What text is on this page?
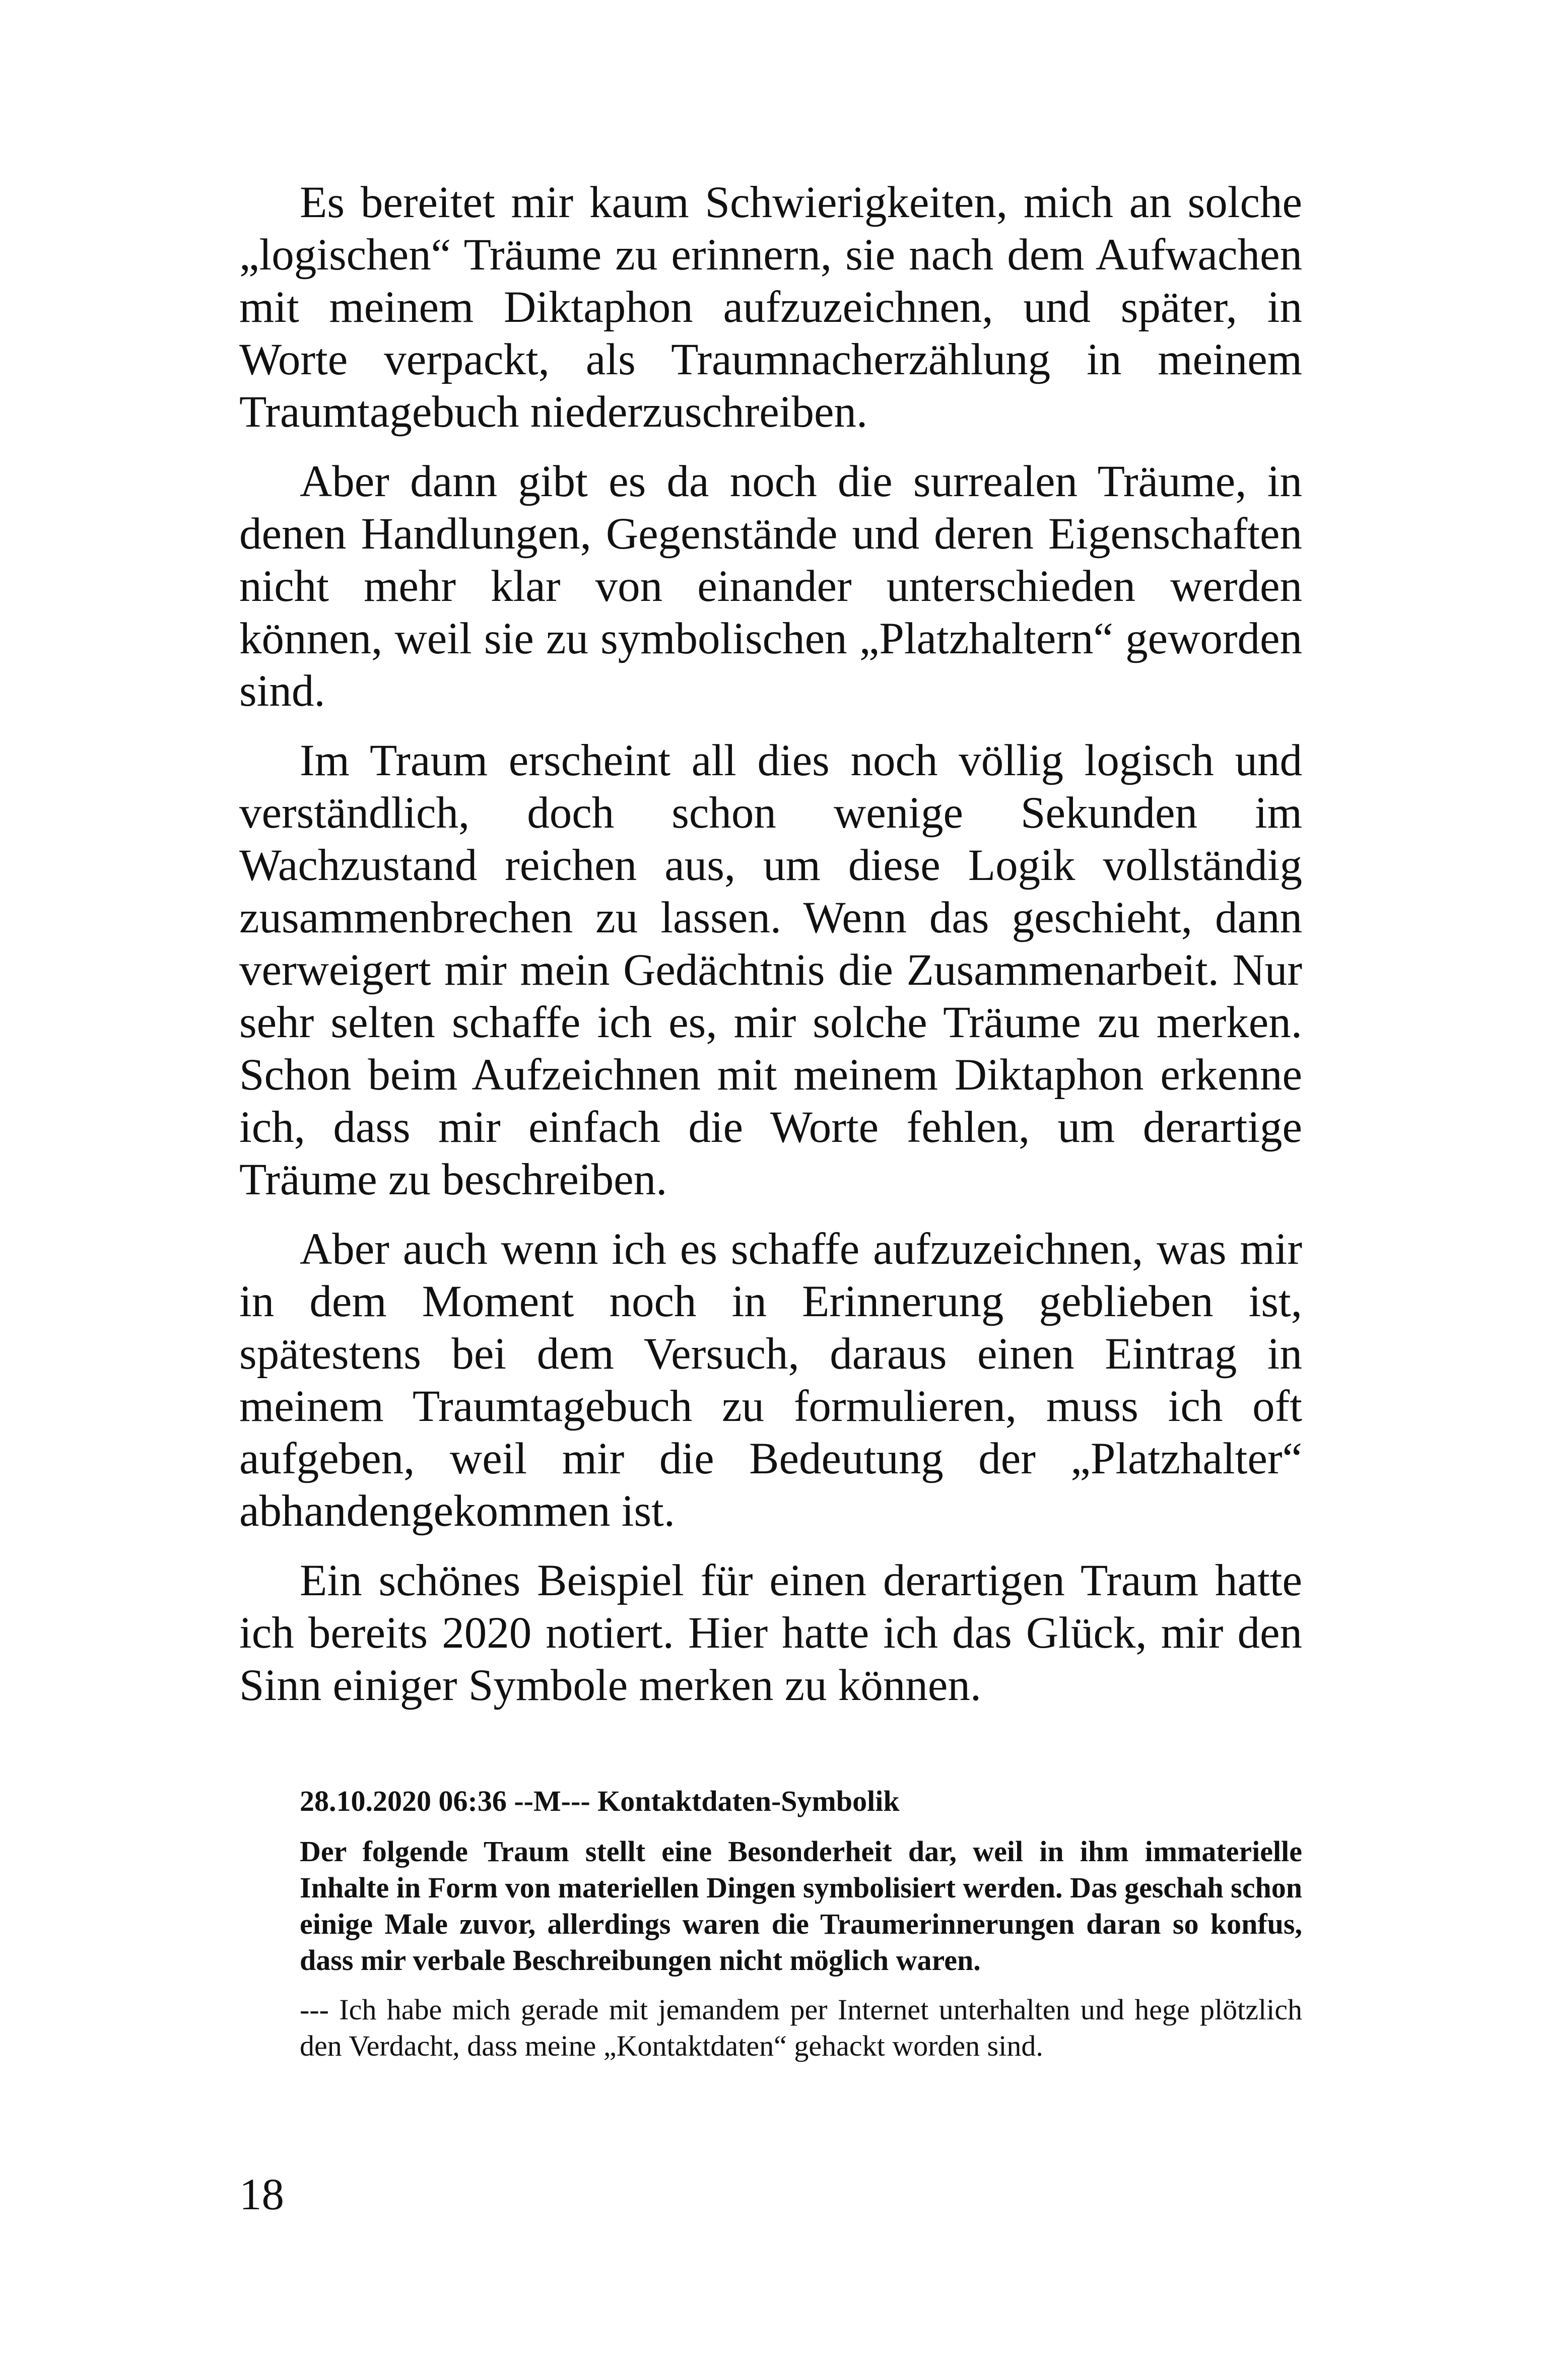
Es bereitet mir kaum Schwierigkeiten, mich an solche „logischen“ Träume zu erinnern, sie nach dem Aufwachen mit meinem Diktaphon aufzuzeichnen, und später, in Worte verpackt, als Traumnacherzählung in meinem Traumtagebuch niederzuschreiben.

Aber dann gibt es da noch die surrealen Träume, in denen Handlungen, Gegenstände und deren Eigenschaften nicht mehr klar von einander unterschieden werden können, weil sie zu symbolischen „Platzhaltern“ geworden sind.

Im Traum erscheint all dies noch völlig logisch und verständlich, doch schon wenige Sekunden im Wachzustand reichen aus, um diese Logik vollständig zusammenbrechen zu lassen. Wenn das geschieht, dann verweigert mir mein Gedächtnis die Zusammenarbeit. Nur sehr selten schaffe ich es, mir solche Träume zu merken. Schon beim Aufzeichnen mit meinem Diktaphon erkenne ich, dass mir einfach die Worte fehlen, um derartige Träume zu beschreiben.

Aber auch wenn ich es schaffe aufzuzeichnen, was mir in dem Moment noch in Erinnerung geblieben ist, spätestens bei dem Versuch, daraus einen Eintrag in meinem Traumtagebuch zu formulieren, muss ich oft aufgeben, weil mir die Bedeutung der „Platzhalter“ abhandengekommen ist.

Ein schönes Beispiel für einen derartigen Traum hatte ich bereits 2020 notiert. Hier hatte ich das Glück, mir den Sinn einiger Symbole merken zu können.

28.10.2020 06:36 --M--- Kontaktdaten-Symbolik

Der folgende Traum stellt eine Besonderheit dar, weil in ihm immaterielle Inhalte in Form von materiellen Dingen symbolisiert werden. Das geschah schon einige Male zuvor, allerdings waren die Traumerinnerungen daran so konfus, dass mir verbale Beschreibungen nicht möglich waren.

--- Ich habe mich gerade mit jemandem per Internet unterhalten und hege plötzlich den Verdacht, dass meine „Kontaktdaten“ gehackt worden sind.

18
